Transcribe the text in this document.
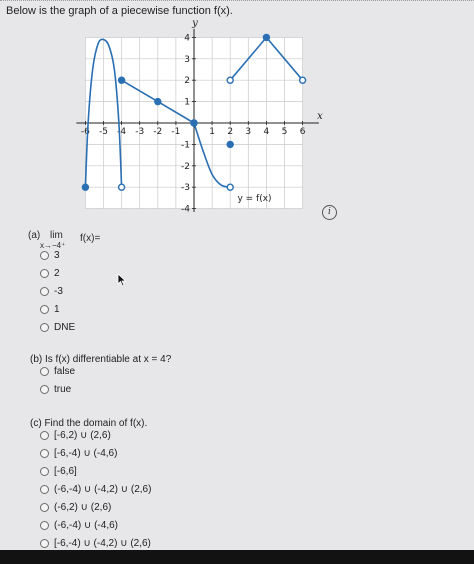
Below is the graph of a piecewise function f(x).
-6 -5 -4 -3 -2 -1	1 2 3 4 5 6
4
3
2
1
-1
-2
-3
-4
x
y
y = f(x)
i
(a) lim
x→−4⁺
f(x)=
3
2
-3
1
DNE
(b) Is f(x) differentiable at x = 4?
false
true
(c) Find the domain of f(x).
[-6,2) ∪ (2,6)
[-6,-4) ∪ (-4,6)
[-6,6]
(-6,-4) ∪ (-4,2) ∪ (2,6)
(-6,2) ∪ (2,6)
(-6,-4) ∪ (-4,6)
[-6,-4) ∪ (-4,2) ∪ (2,6)
